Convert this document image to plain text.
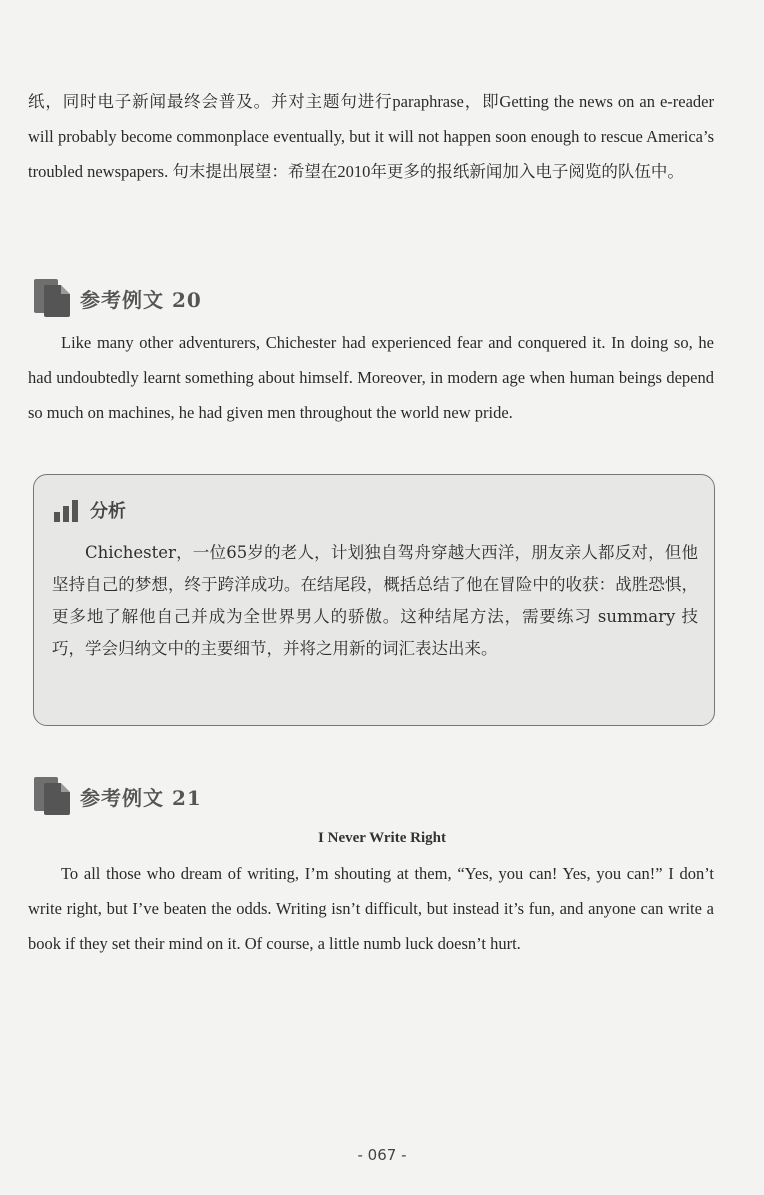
纸，同时电子新闻最终会普及。并对主题句进行paraphrase，即Getting the news on an e-reader will probably become commonplace eventually, but it will not happen soon enough to rescue America’s troubled newspapers. 句末提出展望：希望在2010年更多的报纸新闻加入电子阅览的队伍中。

参考例文 20

Like many other adventurers, Chichester had experienced fear and conquered it. In doing so, he had undoubtedly learnt something about himself. Moreover, in modern age when human beings depend so much on machines, he had given men throughout the world new pride.

分析

Chichester，一位65岁的老人，计划独自驾舟穿越大西洋，朋友亲人都反对，但他坚持自己的梦想，终于跨洋成功。在结尾段，概括总结了他在冒险中的收获：战胜恐惧，更多地了解他自己并成为全世界男人的骄傲。这种结尾方法，需要练习 summary 技巧，学会归纳文中的主要细节，并将之用新的词汇表达出来。

参考例文 21
I Never Write Right

To all those who dream of writing, I’m shouting at them, “Yes, you can! Yes, you can!” I don’t write right, but I’ve beaten the odds. Writing isn’t difficult, but instead it’s fun, and anyone can write a book if they set their mind on it. Of course, a little numb luck doesn’t hurt.

- 067 -
